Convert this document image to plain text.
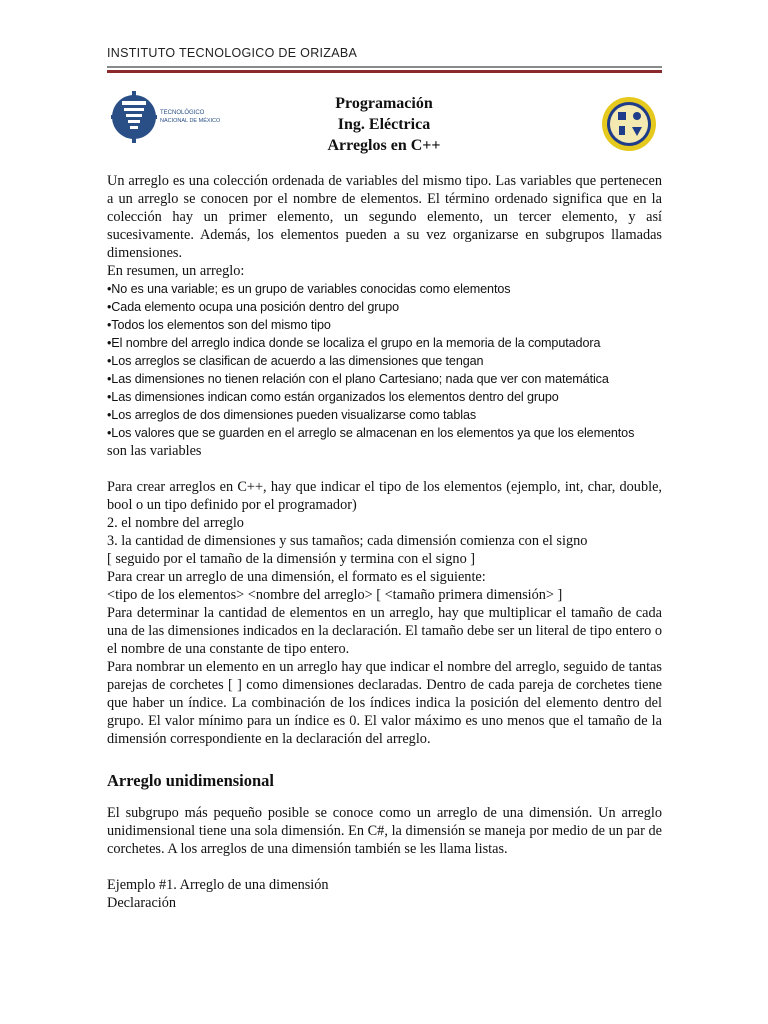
INSTITUTO TECNOLOGICO DE ORIZABA
TECNOLÓGICO
NACIONAL DE MÉXICO
Programación
Ing. Eléctrica
Arreglos en C++
Un arreglo es una colección ordenada de variables del mismo tipo. Las variables que pertenecen a un arreglo se conocen por el nombre de elementos. El término ordenado significa que en la colección hay un primer elemento, un segundo elemento, un tercer elemento, y así sucesivamente. Además, los elementos pueden a su vez organizarse en subgrupos llamadas dimensiones.
En resumen, un arreglo:
•No es una variable; es un grupo de variables conocidas como elementos
•Cada elemento ocupa una posición dentro del grupo
•Todos los elementos son del mismo tipo
•El nombre del arreglo indica donde se localiza el grupo en la memoria de la computadora
•Los arreglos se clasifican de acuerdo a las dimensiones que tengan
•Las dimensiones no tienen relación con el plano Cartesiano; nada que ver con matemática
•Las dimensiones indican como están organizados los elementos dentro del grupo
•Los arreglos de dos dimensiones pueden visualizarse como tablas
•Los valores que se guarden en el arreglo se almacenan en los elementos ya que los elementos
son las variables
Para crear arreglos en C++, hay que indicar el tipo de los elementos (ejemplo, int, char, double, bool o un tipo definido por el programador)
2. el nombre del arreglo
3. la cantidad de dimensiones y sus tamaños; cada dimensión comienza con el signo
[ seguido por el tamaño de la dimensión y termina con el signo ]
Para crear un arreglo de una dimensión, el formato es el siguiente:
<tipo de los elementos> <nombre del arreglo> [ <tamaño primera dimensión> ]
Para determinar la cantidad de elementos en un arreglo, hay que multiplicar el tamaño de cada una de las dimensiones indicados en la declaración. El tamaño debe ser un literal de tipo entero o el nombre de una constante de tipo entero.
Para nombrar un elemento en un arreglo hay que indicar el nombre del arreglo, seguido de tantas parejas de corchetes [ ] como dimensiones declaradas. Dentro de cada pareja de corchetes tiene que haber un índice. La combinación de los índices indica la posición del elemento dentro del grupo. El valor mínimo para un índice es 0. El valor máximo es uno menos que el tamaño de la dimensión correspondiente en la declaración del arreglo.
Arreglo unidimensional
El subgrupo más pequeño posible se conoce como un arreglo de una dimensión. Un arreglo unidimensional tiene una sola dimensión. En C#, la dimensión se maneja por medio de un par de corchetes. A los arreglos de una dimensión también se les llama listas.
Ejemplo #1. Arreglo de una dimensión
Declaración
